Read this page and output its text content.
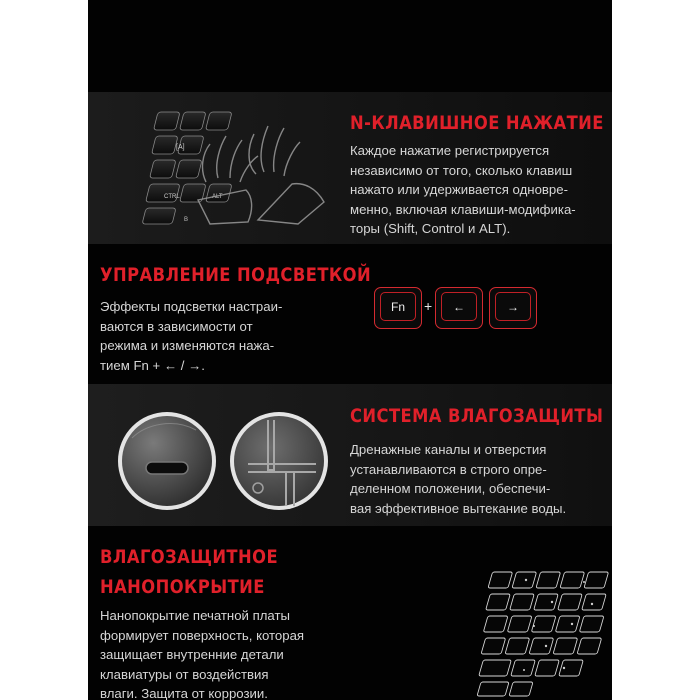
[A]
CTRL	ALT
B
N-КЛАВИШНОЕ НАЖАТИЕ
Каждое нажатие регистрируется
независимо от того, сколько клавиш
нажато или удерживается одновре-
менно, включая клавиши-модифика-
торы (Shift, Control и ALT).
УПРАВЛЕНИЕ ПОДСВЕТКОЙ
Эффекты подсветки настраи-
ваются в зависимости от
режима и изменяются нажа-
тием Fn + ← / →.
Fn	+	←	→
СИСТЕМА ВЛАГОЗАЩИТЫ
Дренажные каналы и отверстия
устанавливаются в строго опре-
деленном положении, обеспечи-
вая эффективное вытекание воды.
ВЛАГОЗАЩИТНОЕ
НАНОПОКРЫТИЕ
Нанопокрытие печатной платы
формирует поверхность, которая
защищает внутренние детали
клавиатуры от воздействия
влаги. Защита от коррозии.
